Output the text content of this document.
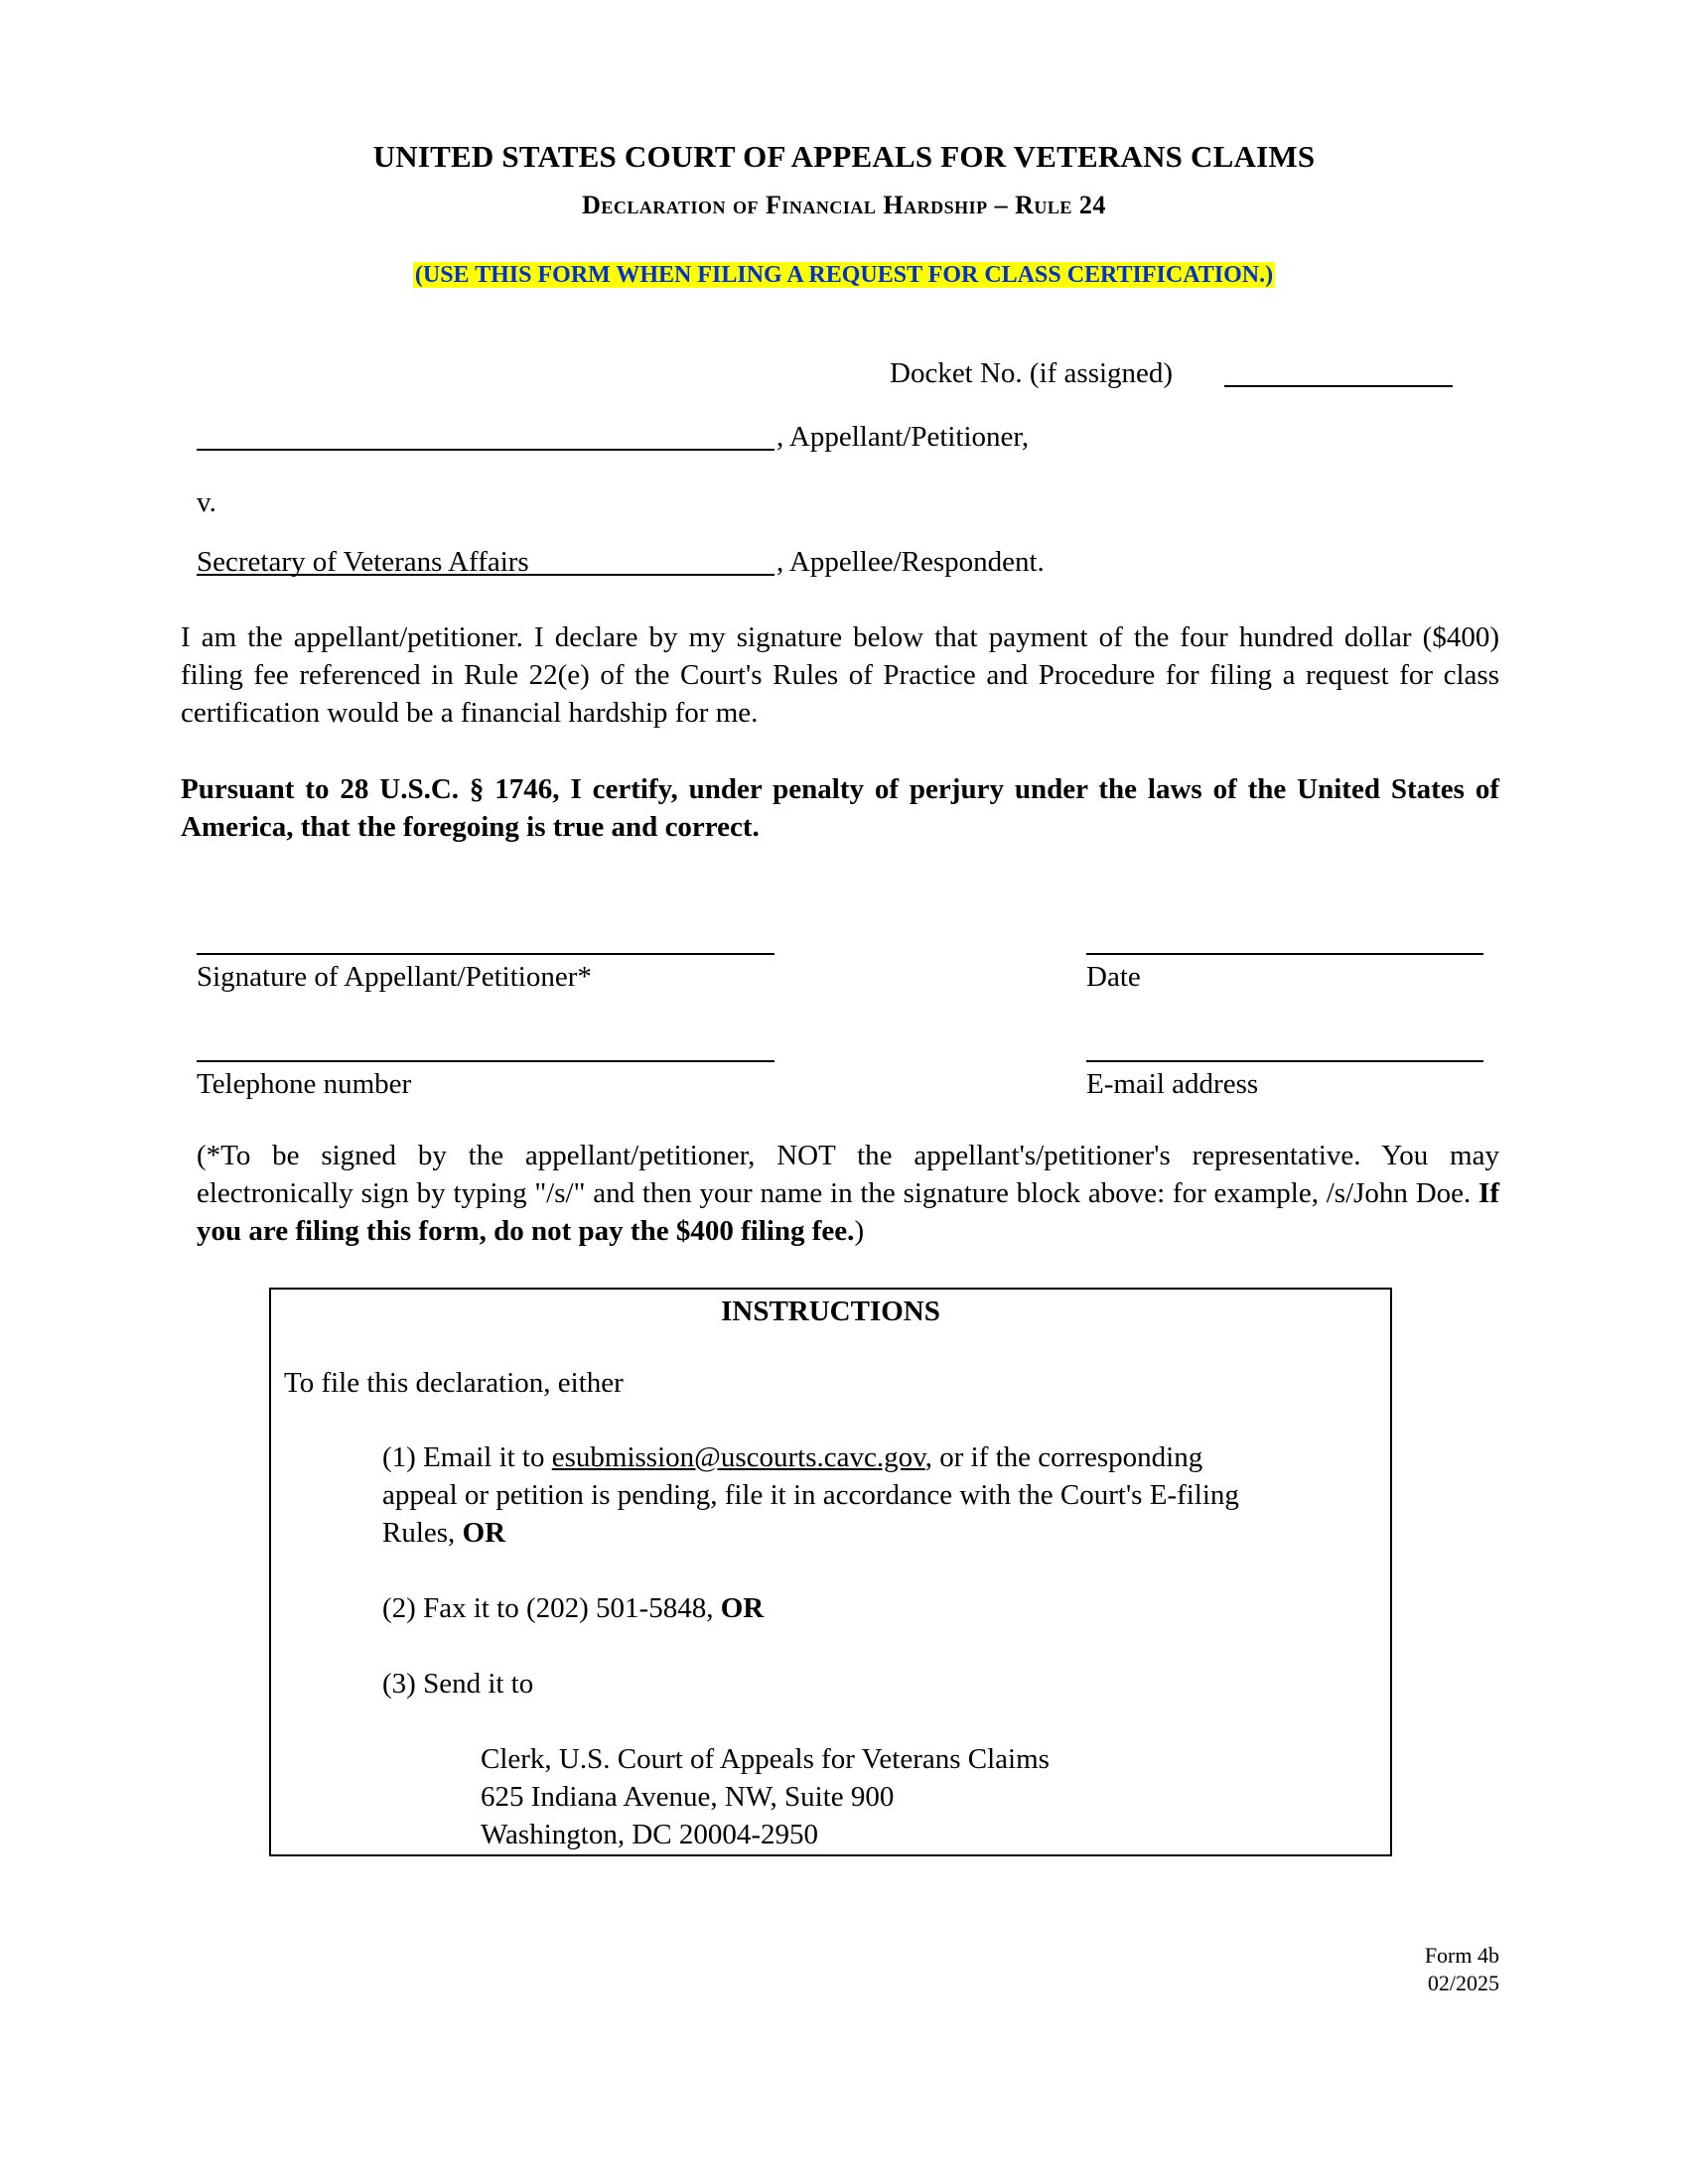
UNITED STATES COURT OF APPEALS FOR VETERANS CLAIMS
Declaration of Financial Hardship – Rule 24
(USE THIS FORM WHEN FILING A REQUEST FOR CLASS CERTIFICATION.)
Docket No. (if assigned)
, Appellant/Petitioner,
v.
Secretary of Veterans Affairs	, Appellee/Respondent.
I am the appellant/petitioner. I declare by my signature below that payment of the four hundred dollar ($400) filing fee referenced in Rule 22(e) of the Court's Rules of Practice and Procedure for filing a request for class certification would be a financial hardship for me.
Pursuant to 28 U.S.C. § 1746, I certify, under penalty of perjury under the laws of the United States of America, that the foregoing is true and correct.
Signature of Appellant/Petitioner*	Date
Telephone number	E-mail address
(*To be signed by the appellant/petitioner, NOT the appellant's/petitioner's representative. You may electronically sign by typing "/s/" and then your name in the signature block above: for example, /s/John Doe. If you are filing this form, do not pay the $400 filing fee.)
INSTRUCTIONS
To file this declaration, either
(1) Email it to esubmission@uscourts.cavc.gov, or if the corresponding
appeal or petition is pending, file it in accordance with the Court's E-filing
Rules, OR
(2) Fax it to (202) 501-5848, OR
(3) Send it to
Clerk, U.S. Court of Appeals for Veterans Claims
625 Indiana Avenue, NW, Suite 900
Washington, DC 20004-2950
Form 4b
02/2025
